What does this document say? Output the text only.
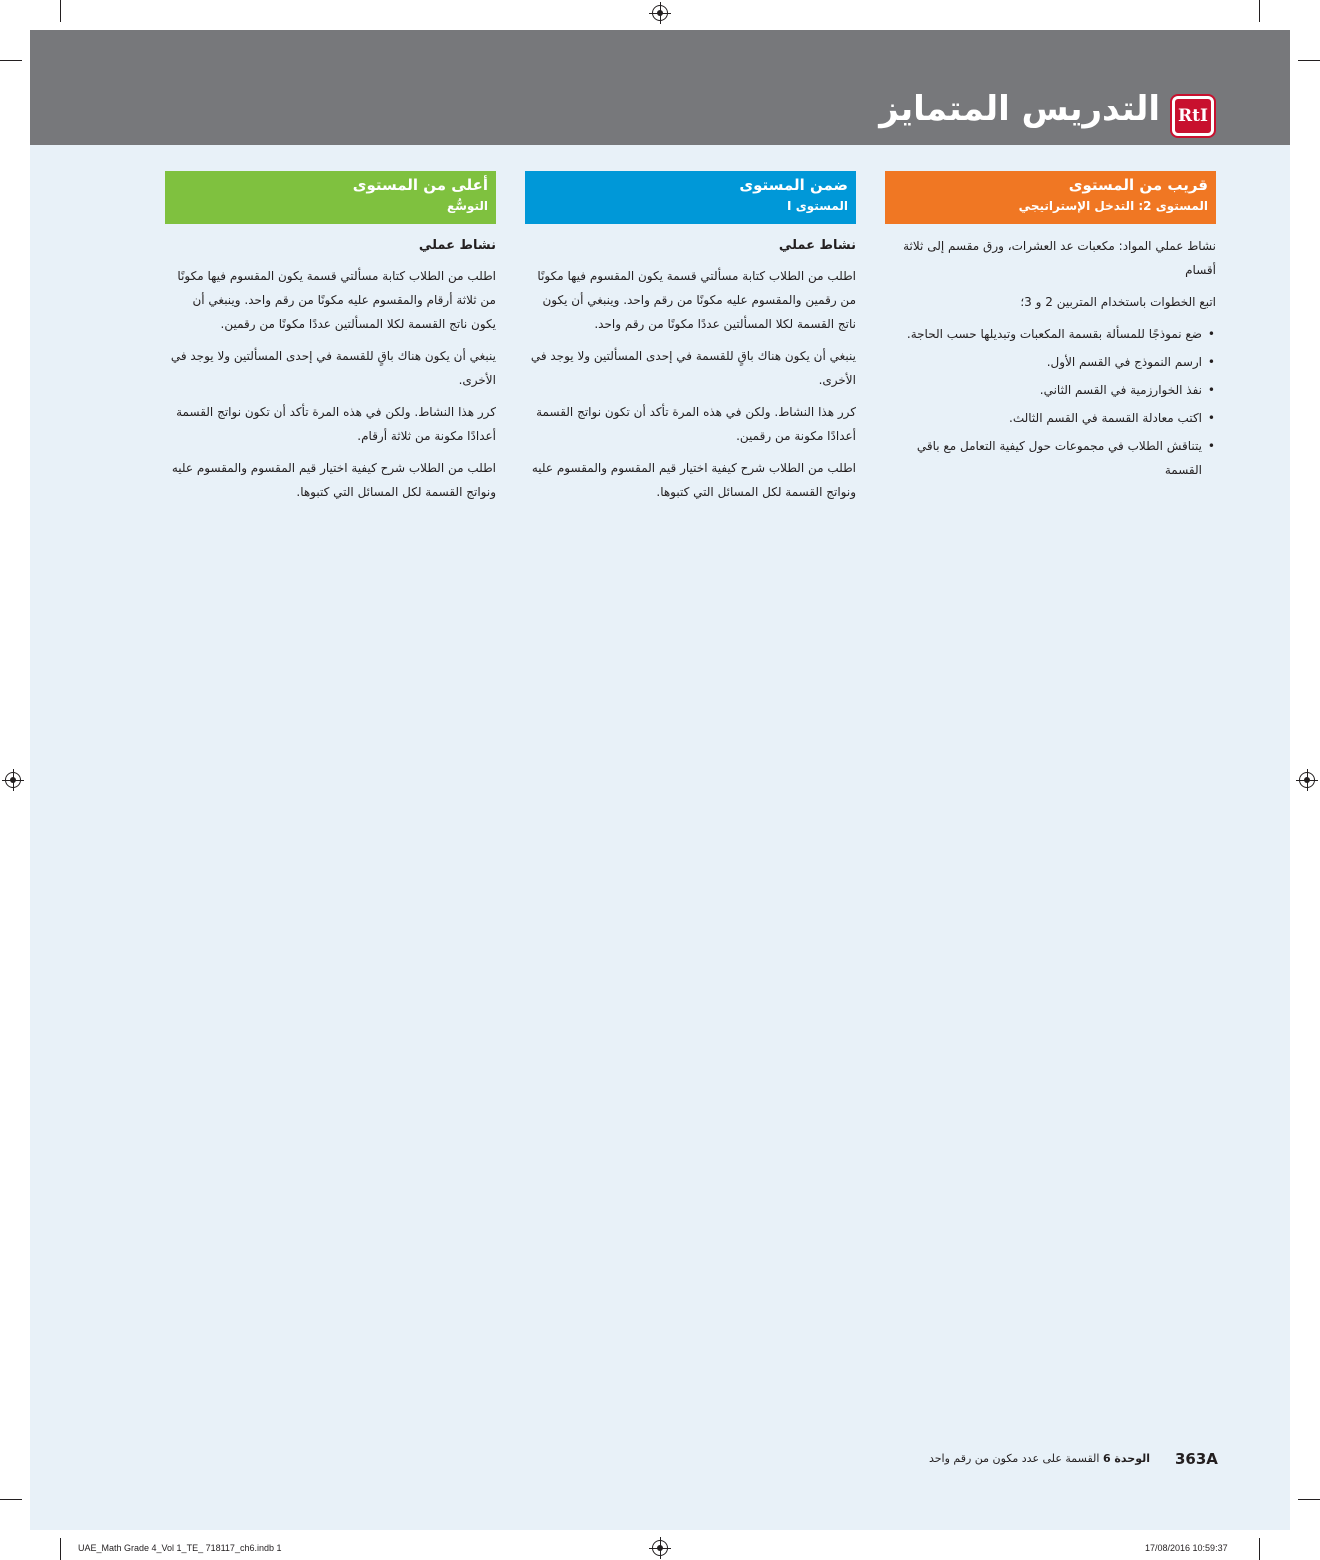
RtI
التدريس المتمايز
قريب من المستوى
المستوى 2: التدخل الإستراتيجي
نشاط عملي المواد: مكعبات عد العشرات، ورق مقسم إلى ثلاثة أقسام
اتبع الخطوات باستخدام المتربين 2 و 3؛
• ضع نموذجًا للمسألة بقسمة المكعبات وتبديلها حسب الحاجة.
• ارسم النموذج في القسم الأول.
• نفذ الخوارزمية في القسم الثاني.
• اكتب معادلة القسمة في القسم الثالث.
• يتناقش الطلاب في مجموعات حول كيفية التعامل مع باقي القسمة
ضمن المستوى
المستوى I
نشاط عملي
اطلب من الطلاب كتابة مسألتي قسمة يكون المقسوم فيها مكونًا من رقمين والمقسوم عليه مكونًا من رقم واحد. وينبغي أن يكون ناتج القسمة لكلا المسألتين عددًا مكونًا من رقم واحد.
ينبغي أن يكون هناك باقٍ للقسمة في إحدى المسألتين ولا يوجد في الأخرى.
كرر هذا النشاط. ولكن في هذه المرة تأكد أن تكون نواتج القسمة أعدادًا مكونة من رقمين.
اطلب من الطلاب شرح كيفية اختيار قيم المقسوم والمقسوم عليه ونواتج القسمة لكل المسائل التي كتبوها.
أعلى من المستوى
التوسُّع
نشاط عملي
اطلب من الطلاب كتابة مسألتي قسمة يكون المقسوم فيها مكونًا من ثلاثة أرقام والمقسوم عليه مكونًا من رقم واحد. وينبغي أن يكون ناتج القسمة لكلا المسألتين عددًا مكونًا من رقمين.
ينبغي أن يكون هناك باقٍ للقسمة في إحدى المسألتين ولا يوجد في الأخرى.
كرر هذا النشاط. ولكن في هذه المرة تأكد أن تكون نواتج القسمة أعدادًا مكونة من ثلاثة أرقام.
اطلب من الطلاب شرح كيفية اختيار قيم المقسوم والمقسوم عليه ونواتج القسمة لكل المسائل التي كتبوها.
الوحدة 6 القسمة على عدد مكون من رقم واحد	363A
UAE_Math Grade 4_Vol 1_TE_ 718117_ch6.indb 1	17/08/2016 10:59:37
